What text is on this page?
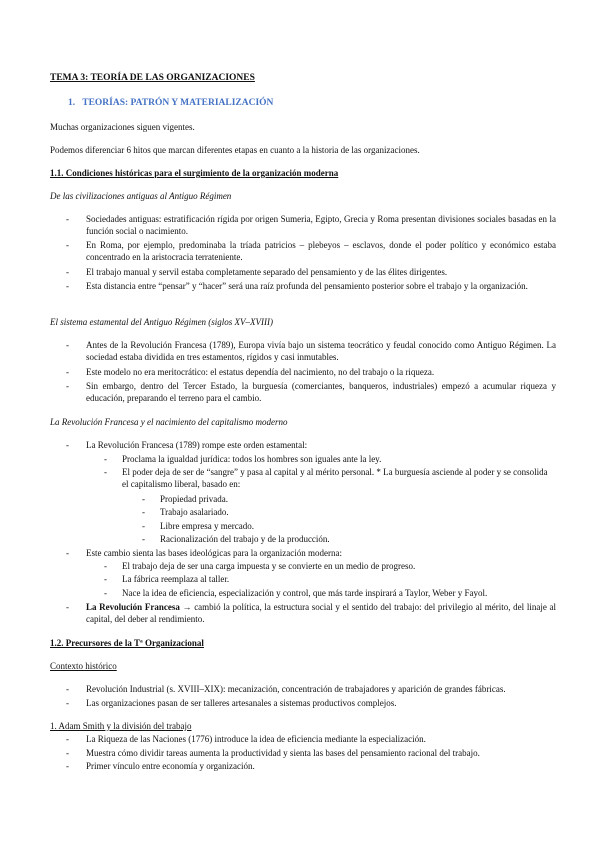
TEMA 3: TEORÍA DE LAS ORGANIZACIONES
1.   TEORÍAS: PATRÓN Y MATERIALIZACIÓN
Muchas organizaciones siguen vigentes.
Podemos diferenciar 6 hitos que marcan diferentes etapas en cuanto a la historia de las organizaciones.
1.1. Condiciones históricas para el surgimiento de la organización moderna
De las civilizaciones antiguas al Antiguo Régimen
- Sociedades antiguas: estratificación rígida por origen Sumeria, Egipto, Grecia y Roma presentan divisiones sociales basadas en la función social o nacimiento.
- En Roma, por ejemplo, predominaba la tríada patricios – plebeyos – esclavos, donde el poder político y económico estaba concentrado en la aristocracia terrateniente.
- El trabajo manual y servil estaba completamente separado del pensamiento y de las élites dirigentes.
- Esta distancia entre “pensar” y “hacer” será una raíz profunda del pensamiento posterior sobre el trabajo y la organización.
El sistema estamental del Antiguo Régimen (siglos XV–XVIII)
- Antes de la Revolución Francesa (1789), Europa vivía bajo un sistema teocrático y feudal conocido como Antiguo Régimen. La sociedad estaba dividida en tres estamentos, rígidos y casi inmutables.
- Este modelo no era meritocrático: el estatus dependía del nacimiento, no del trabajo o la riqueza.
- Sin embargo, dentro del Tercer Estado, la burguesía (comerciantes, banqueros, industriales) empezó a acumular riqueza y educación, preparando el terreno para el cambio.
La Revolución Francesa y el nacimiento del capitalismo moderno
- La Revolución Francesa (1789) rompe este orden estamental:
- Proclama la igualdad jurídica: todos los hombres son iguales ante la ley.
- El poder deja de ser de “sangre” y pasa al capital y al mérito personal. * La burguesía asciende al poder y se consolida el capitalismo liberal, basado en:
- Propiedad privada.
- Trabajo asalariado.
- Libre empresa y mercado.
- Racionalización del trabajo y de la producción.
- Este cambio sienta las bases ideológicas para la organización moderna:
- El trabajo deja de ser una carga impuesta y se convierte en un medio de progreso.
- La fábrica reemplaza al taller.
- Nace la idea de eficiencia, especialización y control, que más tarde inspirará a Taylor, Weber y Fayol.
- La Revolución Francesa → cambió la política, la estructura social y el sentido del trabajo: del privilegio al mérito, del linaje al capital, del deber al rendimiento.
1.2. Precursores de la Tª Organizacional
Contexto histórico
- Revolución Industrial (s. XVIII–XIX): mecanización, concentración de trabajadores y aparición de grandes fábricas.
- Las organizaciones pasan de ser talleres artesanales a sistemas productivos complejos.
1. Adam Smith y la división del trabajo
- La Riqueza de las Naciones (1776) introduce la idea de eficiencia mediante la especialización.
- Muestra cómo dividir tareas aumenta la productividad y sienta las bases del pensamiento racional del trabajo.
- Primer vínculo entre economía y organización.
